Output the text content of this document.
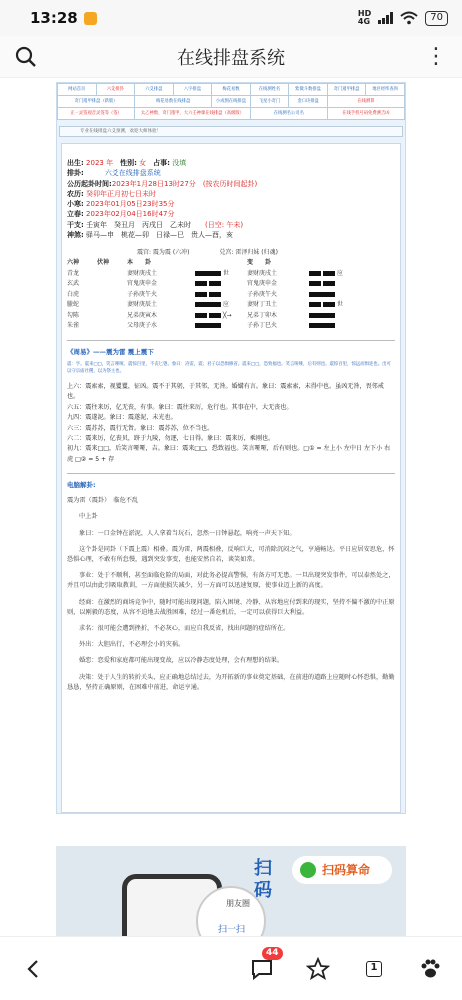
13:28	HD
4G	70
在线排盘系统	⋮
网站首页	六爻排卦	六爻排盘	八字排盘	梅花易数	在线测姓名	紫微斗数排盘	奇门遁甲排盘	地区经纬查询
奇门遁甲排盘（新版）		梅花易数在线排盘		小成图在线排盘	飞星小奇门	金口诀排盘	在线测算	
正一灵签观音灵签等（签）		太乙神数、奇门遁甲、大六壬神课在线排盘（高级版）			在线测名公司名		在线手机号码免费测吉凶	
专业在线排盘六爻预测，欢迎大师体验！
出生: 2023 年　 性别: 女　 占事: 没填
排卦:　　　	六爻在线排盘系统
公历起卦时间:2023年1月28日13时27分　 (按农历时间起卦)
农历: 癸卯年正月初七日未时
小寒: 2023年01月05日23时35分
立春: 2023年02月04日16时47分
干支: 壬寅年　癸丑月　丙戌日　乙未时　　 (日空: 午未)
神煞: 驿马—申　桃花—卯　日禄—巳　贵人—酉，亥
震宫: 震为震 (六冲)	兑宫: 雷泽归妹 (归魂)
六神	伏神	本　　卦	变　　卦
青龙	妻财庚戌土	世	妻财庚戌土	应
玄武	官鬼庚申金	官鬼庚申金
白虎	子孙庚午火	子孙庚午火
螣蛇	妻财庚辰土	应	妻财丁丑土	世
勾陈	兄弟庚寅木	╳→	兄弟丁卯木
朱雀	父母庚子水	子孙丁巳火
《周易》——震为雷 震上震下
震：亨。震来□□，笑言哑哑。震惊百里，不丧匕鬯。象曰：洊雷，震；君子以恐惧修省。震来□□，恐致福也。笑言哑哑，后有则也。震惊百里，惊远而惧迩也。出可以守宗庙社稷，以为祭主也。
上六：震索索，视矍矍，征凶。震不于其躬，于其邻，无咎。婚媾有言。象曰：震索索，未得中也。虽凶无咎，畏邻戒也。
六五：震往来厉，亿无丧，有事。象曰：震往来厉，危行也。其事在中，大无丧也。
九四：震遂泥。象曰：震遂泥，未光也。
六三：震苏苏，震行无眚。象曰：震苏苏，位不当也。
六二：震来厉，亿丧贝，跻于九陵，勿逐，七日得。象曰：震来厉，乘刚也。
初九：震来□□，后笑言哑哑，吉。象曰：震来□□，恐致福也。笑言哑哑，后有则也。□① = 左上小 左中日 左下小 右虎 □② = 5 + 存
电脑解卦:
震为雷（震卦）　临危不乱
中上卦
象曰：一口金钟在淤泥，人人拿着当玩石，忽然一日钟悬起，响亮一声天下知。
这个卦是同卦（下震上震）相叠。震为雷，两震相叠，反响巨大，可消除沉闷之气，亨通畅达。平日应居安思危，怀恐惧心理，不敢有所怠慢，遇到突发事变，也能安然自若，谈笑如常。
事业：处于不顺利，甚至面临危险的局面，对此务必提高警惕，有备方可无患。一旦出现突发事件，可以泰然处之，并且可以由此引吸取教训，一方面使损失减少，另一方面可以迅速复原，使事业迈上新的高度。
经商：在激烈的商场竞争中，随时可能出现问题，陷入困境、冷静、从容地应付到来的现实，坚持不偏不激的中正原则，以刚毅的态度，从容不迫地去战胜困难，经过一番危机后，一定可以获得巨大利益。
求名：很可能会遭到挫折，不必灰心，而应自我反省，找出问题的症结所在。
外出：大胆出行，不必理会小的灾祸。
婚恋：恋爱和家庭都可能出现变故，应以冷静态度处理，会有理想的结果。
决策：处于人生的转折关头，应正确地总结过去，为开拓新的事业奠定基础，在前进的道路上应随时心怀恐惧，勤勤恳恳，坚持正确原则，在困难中前进，命运亨通。
朋友圈
扫一扫
扫码
扫码算命
44
1
